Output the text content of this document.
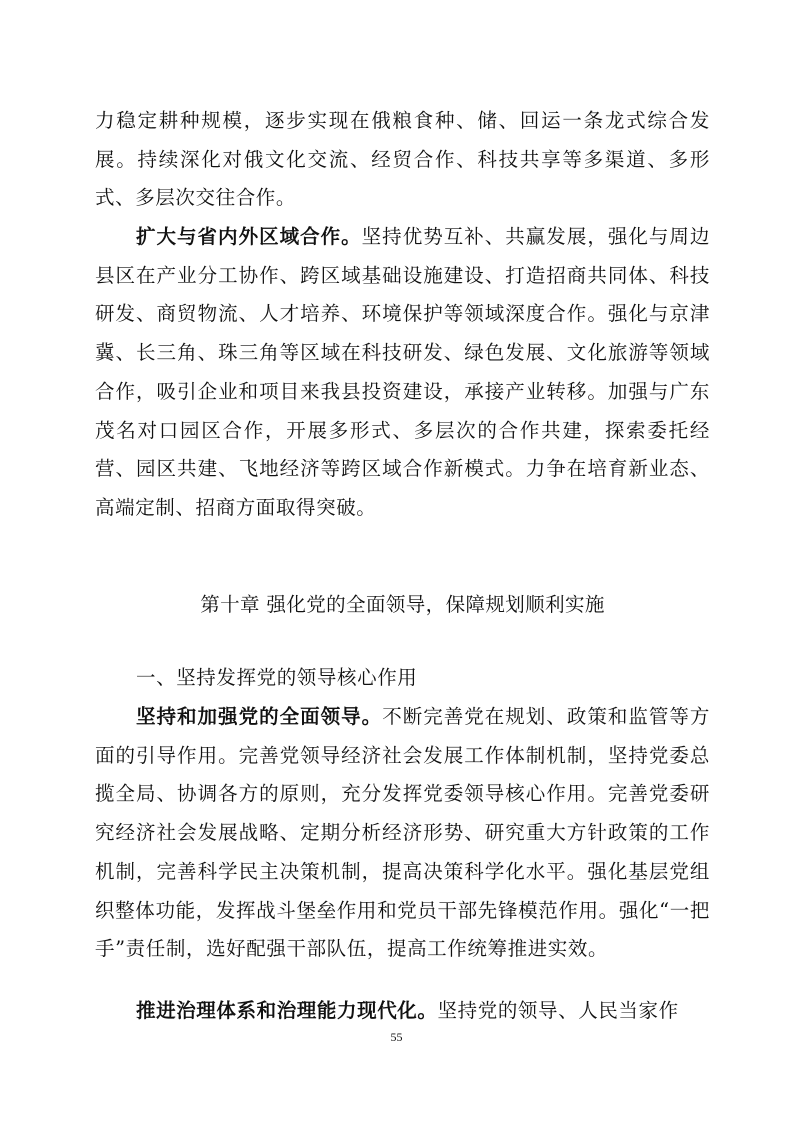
力稳定耕种规模，逐步实现在俄粮食种、储、回运一条龙式综合发展。持续深化对俄文化交流、经贸合作、科技共享等多渠道、多形式、多层次交往合作。

扩大与省内外区域合作。坚持优势互补、共赢发展，强化与周边县区在产业分工协作、跨区域基础设施建设、打造招商共同体、科技研发、商贸物流、人才培养、环境保护等领域深度合作。强化与京津冀、长三角、珠三角等区域在科技研发、绿色发展、文化旅游等领域合作，吸引企业和项目来我县投资建设，承接产业转移。加强与广东茂名对口园区合作，开展多形式、多层次的合作共建，探索委托经营、园区共建、飞地经济等跨区域合作新模式。力争在培育新业态、高端定制、招商方面取得突破。

第十章 强化党的全面领导，保障规划顺利实施
一、坚持发挥党的领导核心作用

坚持和加强党的全面领导。不断完善党在规划、政策和监管等方面的引导作用。完善党领导经济社会发展工作体制机制，坚持党委总揽全局、协调各方的原则，充分发挥党委领导核心作用。完善党委研究经济社会发展战略、定期分析经济形势、研究重大方针政策的工作机制，完善科学民主决策机制，提高决策科学化水平。强化基层党组织整体功能，发挥战斗堡垒作用和党员干部先锋模范作用。强化“一把手”责任制，选好配强干部队伍，提高工作统筹推进实效。

推进治理体系和治理能力现代化。坚持党的领导、人民当家作

55
